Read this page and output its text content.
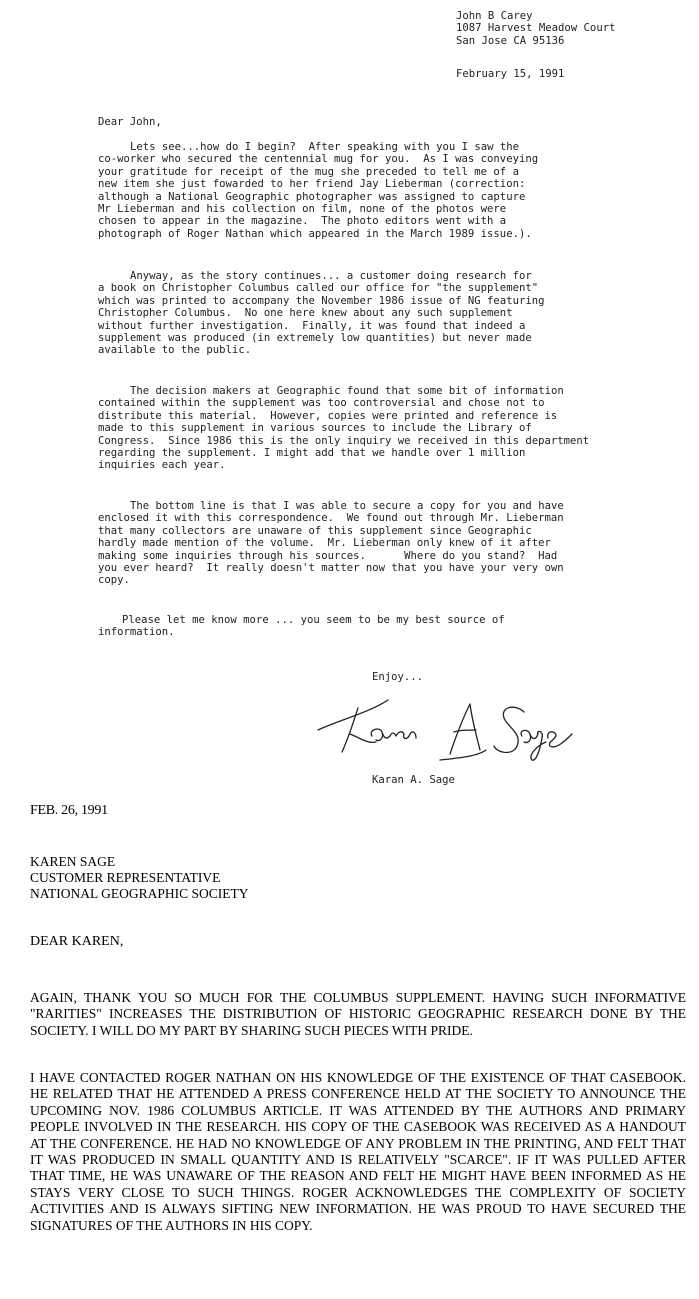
John B Carey
1087 Harvest Meadow Court
San Jose CA 95136
February 15, 1991
Dear John,
Lets see...how do I begin?  After speaking with you I saw the
co-worker who secured the centennial mug for you.  As I was conveying
your gratitude for receipt of the mug she preceded to tell me of a
new item she just fowarded to her friend Jay Lieberman (correction:
although a National Geographic photographer was assigned to capture
Mr Lieberman and his collection on film, none of the photos were
chosen to appear in the magazine.  The photo editors went with a
photograph of Roger Nathan which appeared in the March 1989 issue.).
Anyway, as the story continues... a customer doing research for
a book on Christopher Columbus called our office for "the supplement"
which was printed to accompany the November 1986 issue of NG featuring
Christopher Columbus.  No one here knew about any such supplement
without further investigation.  Finally, it was found that indeed a
supplement was produced (in extremely low quantities) but never made
available to the public.
The decision makers at Geographic found that some bit of information
contained within the supplement was too controversial and chose not to
distribute this material.  However, copies were printed and reference is
made to this supplement in various sources to include the Library of
Congress.  Since 1986 this is the only inquiry we received in this department
regarding the supplement. I might add that we handle over 1 million
inquiries each year.
The bottom line is that I was able to secure a copy for you and have
enclosed it with this correspondence.  We found out through Mr. Lieberman
that many collectors are unaware of this supplement since Geographic
hardly made mention of the volume.  Mr. Lieberman only knew of it after
making some inquiries through his sources.      Where do you stand?  Had
you ever heard?  It really doesn't matter now that you have your very own
copy.
Please let me know more ... you seem to be my best source of
information.
Enjoy...
Karan A. Sage
FEB. 26, 1991
KAREN SAGE
CUSTOMER REPRESENTATIVE
NATIONAL GEOGRAPHIC SOCIETY
DEAR KAREN,
AGAIN, THANK YOU SO MUCH FOR THE COLUMBUS SUPPLEMENT. HAVING SUCH INFORMATIVE "RARITIES" INCREASES THE DISTRIBUTION OF HISTORIC GEOGRAPHIC RESEARCH DONE BY THE SOCIETY. I WILL DO MY PART BY SHARING SUCH PIECES WITH PRIDE.
I HAVE CONTACTED ROGER NATHAN ON HIS KNOWLEDGE OF THE EXISTENCE OF THAT CASEBOOK. HE RELATED THAT HE ATTENDED A PRESS CONFERENCE HELD AT THE SOCIETY TO ANNOUNCE THE UPCOMING NOV. 1986 COLUMBUS ARTICLE. IT WAS ATTENDED BY THE AUTHORS AND PRIMARY PEOPLE INVOLVED IN THE RESEARCH. HIS COPY OF THE CASEBOOK WAS RECEIVED AS A HANDOUT AT THE CONFERENCE. HE HAD NO KNOWLEDGE OF ANY PROBLEM IN THE PRINTING, AND FELT THAT IT WAS PRODUCED IN SMALL QUANTITY AND IS RELATIVELY "SCARCE". IF IT WAS PULLED AFTER THAT TIME, HE WAS UNAWARE OF THE REASON AND FELT HE MIGHT HAVE BEEN INFORMED AS HE STAYS VERY CLOSE TO SUCH THINGS. ROGER ACKNOWLEDGES THE COMPLEXITY OF SOCIETY ACTIVITIES AND IS ALWAYS SIFTING NEW INFORMATION. HE WAS PROUD TO HAVE SECURED THE SIGNATURES OF THE AUTHORS IN HIS COPY.
